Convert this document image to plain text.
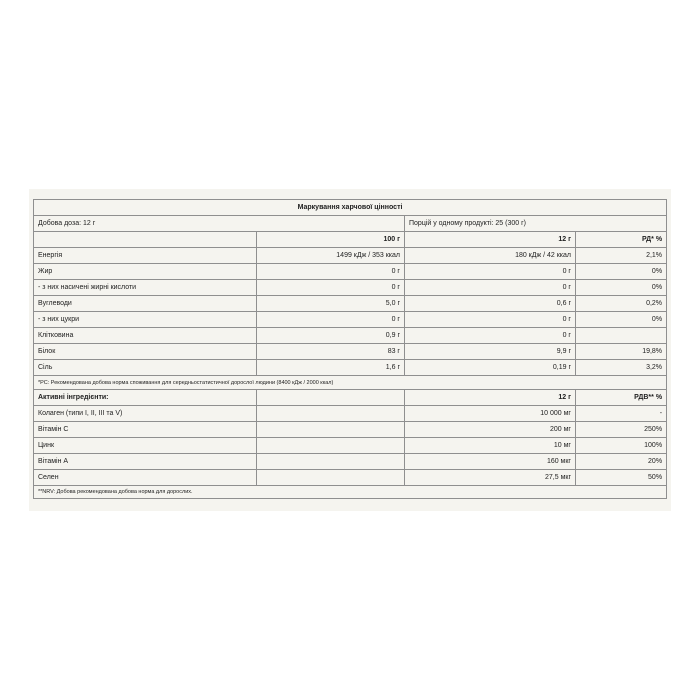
Маркування харчової цінності			
Добова доза: 12 г		Порцій у одному продукті: 25 (300 г)	
	100 г	12 г	РД* %
Енергія	1499 кДж / 353 ккал	180 кДж / 42 ккал	2,1%
Жир	0 г	0 г	0%
- з них насичені жирні кислоти	0 г	0 г	0%
Вуглеводи	5,0 г	0,6 г	0,2%
- з них цукри	0 г	0 г	0%
Клітковина	0,9 г	0 г	
Білок	83 г	9,9 г	19,8%
Сіль	1,6 г	0,19 г	3,2%
*РС: Рекомендована добова норма споживання для середньостатистичної дорослої людини (8400 кДж / 2000 ккал)			
Активні інгредієнти:		12 г	РДВ** %
Колаген (типи I, II, III та V)		10 000 мг	-
Вітамін С		200 мг	250%
Цинк		10 мг	100%
Вітамін А		160 мкг	20%
Селен		27,5 мкг	50%
**NRV: Добова рекомендована добова норма для дорослих.			
